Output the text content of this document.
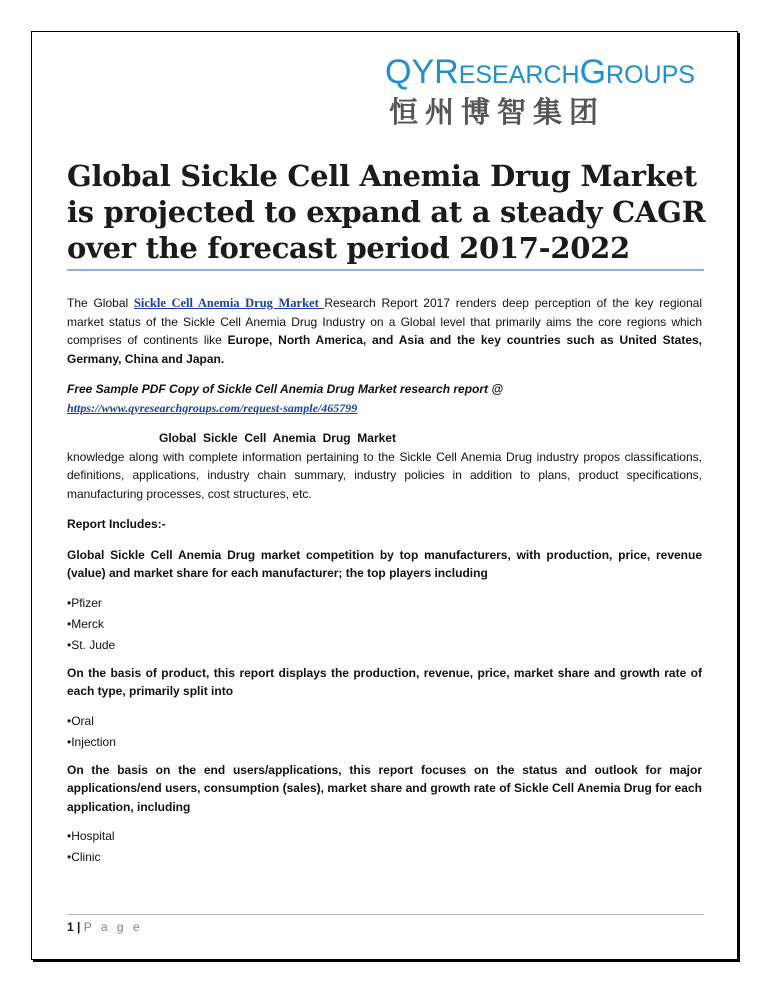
QYRESEARCHGROUPS
恒州博智集团
Global Sickle Cell Anemia Drug Market is projected to expand at a steady CAGR over the forecast period 2017-2022

The Global Sickle Cell Anemia Drug Market Research Report 2017 renders deep perception of the key regional market status of the Sickle Cell Anemia Drug Industry on a Global level that primarily aims the core regions which comprises of continents like Europe, North America, and Asia and the key countries such as United States, Germany, China and Japan.

Free Sample PDF Copy of Sickle Cell Anemia Drug Market research report @
https://www.qyresearchgroups.com/request-sample/465799

Global  Sickle  Cell  Anemia  Drug  Market
knowledge along with complete information pertaining to the Sickle Cell Anemia Drug industry propos classifications, definitions, applications, industry chain summary, industry policies in addition to plans, product specifications, manufacturing processes, cost structures, etc.

Report Includes:-

Global Sickle Cell Anemia Drug market competition by top manufacturers, with production, price, revenue (value) and market share for each manufacturer; the top players including

•Pfizer
•Merck
•St. Jude

On the basis of product, this report displays the production, revenue, price, market share and growth rate of each type, primarily split into

•Oral
•Injection

On the basis on the end users/applications, this report focuses on the status and outlook for major applications/end users, consumption (sales), market share and growth rate of Sickle Cell Anemia Drug for each application, including

•Hospital
•Clinic
1 | P a g e
